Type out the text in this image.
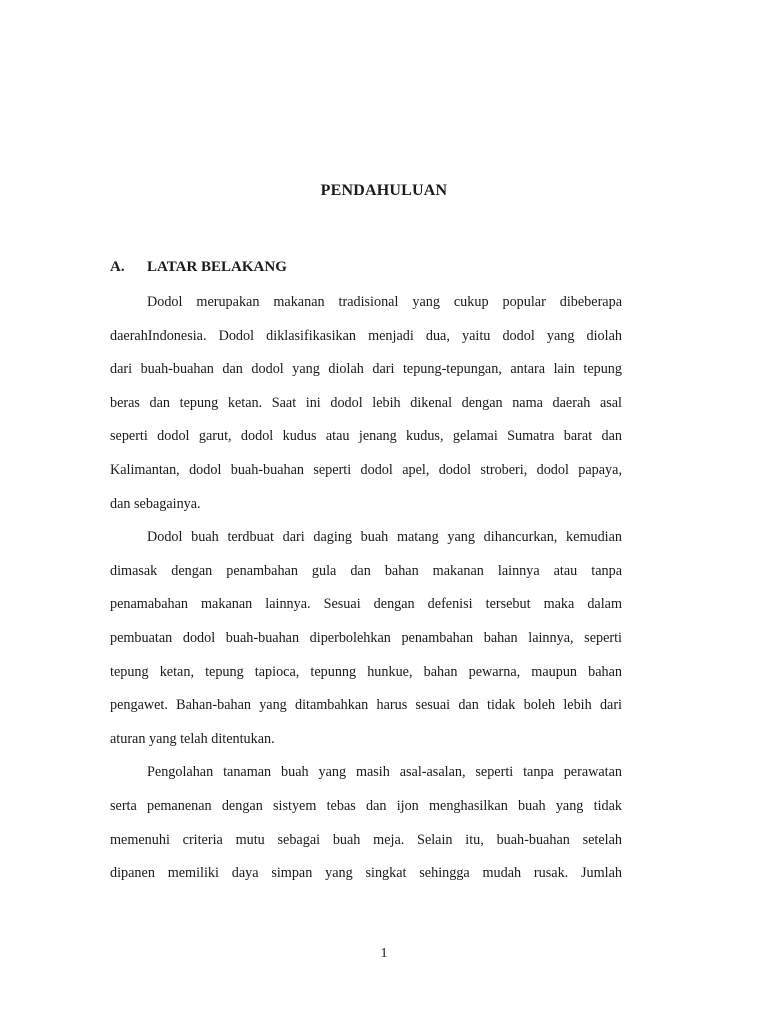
PENDAHULUAN
A. LATAR BELAKANG
Dodol merupakan makanan tradisional yang cukup popular dibeberapa
daerahIndonesia. Dodol diklasifikasikan menjadi dua, yaitu dodol yang diolah
dari buah-buahan dan dodol yang diolah dari tepung-tepungan, antara lain tepung
beras dan tepung ketan. Saat ini dodol lebih dikenal dengan nama daerah asal
seperti dodol garut, dodol kudus atau jenang kudus, gelamai Sumatra barat dan
Kalimantan, dodol buah-buahan seperti dodol apel, dodol stroberi, dodol papaya,
dan sebagainya.
Dodol buah terdbuat dari daging buah matang yang dihancurkan, kemudian
dimasak dengan penambahan gula dan bahan makanan lainnya atau tanpa
penamabahan makanan lainnya. Sesuai dengan defenisi tersebut maka dalam
pembuatan dodol buah-buahan diperbolehkan penambahan bahan lainnya, seperti
tepung ketan, tepung tapioca, tepunng hunkue, bahan pewarna, maupun bahan
pengawet. Bahan-bahan yang ditambahkan harus sesuai dan tidak boleh lebih dari
aturan yang telah ditentukan.
Pengolahan tanaman buah yang masih asal-asalan, seperti tanpa perawatan
serta pemanenan dengan sistyem tebas dan ijon menghasilkan buah yang tidak
memenuhi criteria mutu sebagai buah meja. Selain itu, buah-buahan setelah
dipanen memiliki daya simpan yang singkat sehingga mudah rusak. Jumlah
1
